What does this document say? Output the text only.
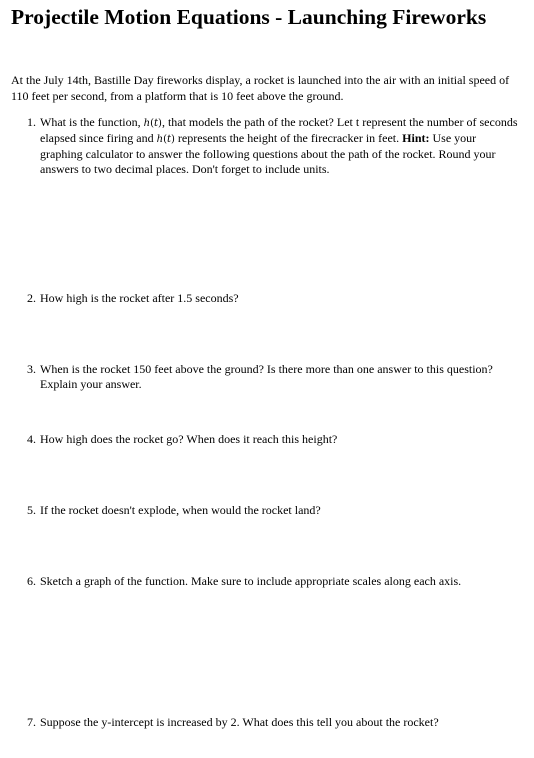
Projectile Motion Equations - Launching Fireworks

At the July 14th, Bastille Day fireworks display, a rocket is launched into the air with an initial speed of 110 feet per second, from a platform that is 10 feet above the ground.

1. What is the function, h(t), that models the path of the rocket? Let t represent the number of seconds elapsed since firing and h(t) represents the height of the firecracker in feet. Hint: Use your graphing calculator to answer the following questions about the path of the rocket. Round your answers to two decimal places. Don't forget to include units.
2. How high is the rocket after 1.5 seconds?
3. When is the rocket 150 feet above the ground? Is there more than one answer to this question? Explain your answer.
4. How high does the rocket go? When does it reach this height?
5. If the rocket doesn't explode, when would the rocket land?
6. Sketch a graph of the function. Make sure to include appropriate scales along each axis.
7. Suppose the y-intercept is increased by 2. What does this tell you about the rocket?
